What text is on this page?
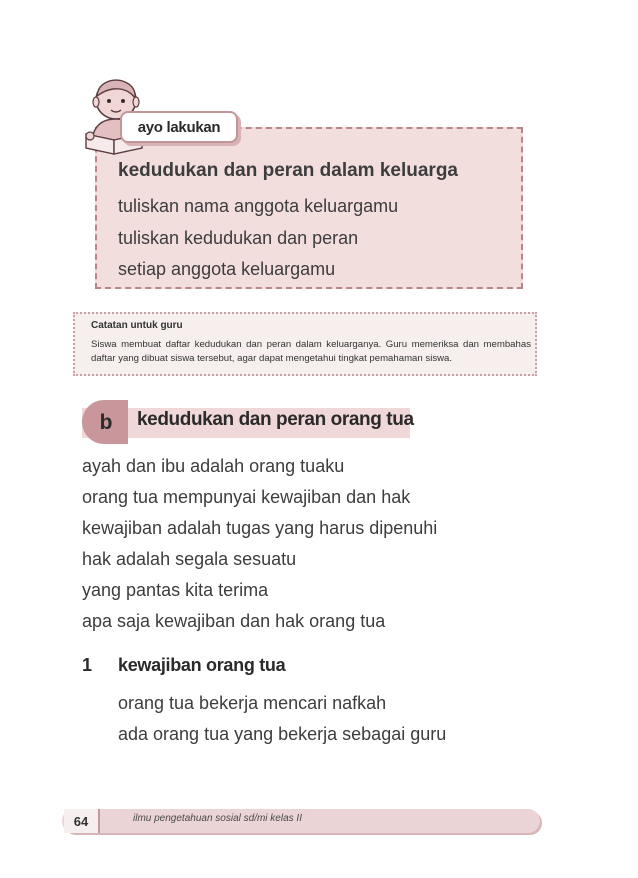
ayo lakukan
kedudukan dan peran dalam keluarga
tuliskan nama anggota keluargamu
tuliskan kedudukan dan peran
setiap anggota keluargamu
Catatan untuk guru
Siswa membuat daftar kedudukan dan peran dalam keluarganya. Guru memeriksa dan membahas daftar yang dibuat siswa tersebut, agar dapat mengetahui tingkat pemahaman siswa.
b	kedudukan dan peran orang tua
ayah dan ibu adalah orang tuaku
orang tua mempunyai kewajiban dan hak
kewajiban adalah tugas yang harus dipenuhi
hak adalah segala sesuatu
yang pantas kita terima
apa saja kewajiban dan hak orang tua
1 kewajiban orang tua
orang tua bekerja mencari nafkah
ada orang tua yang bekerja sebagai guru
64	ilmu pengetahuan sosial sd/mi kelas II
